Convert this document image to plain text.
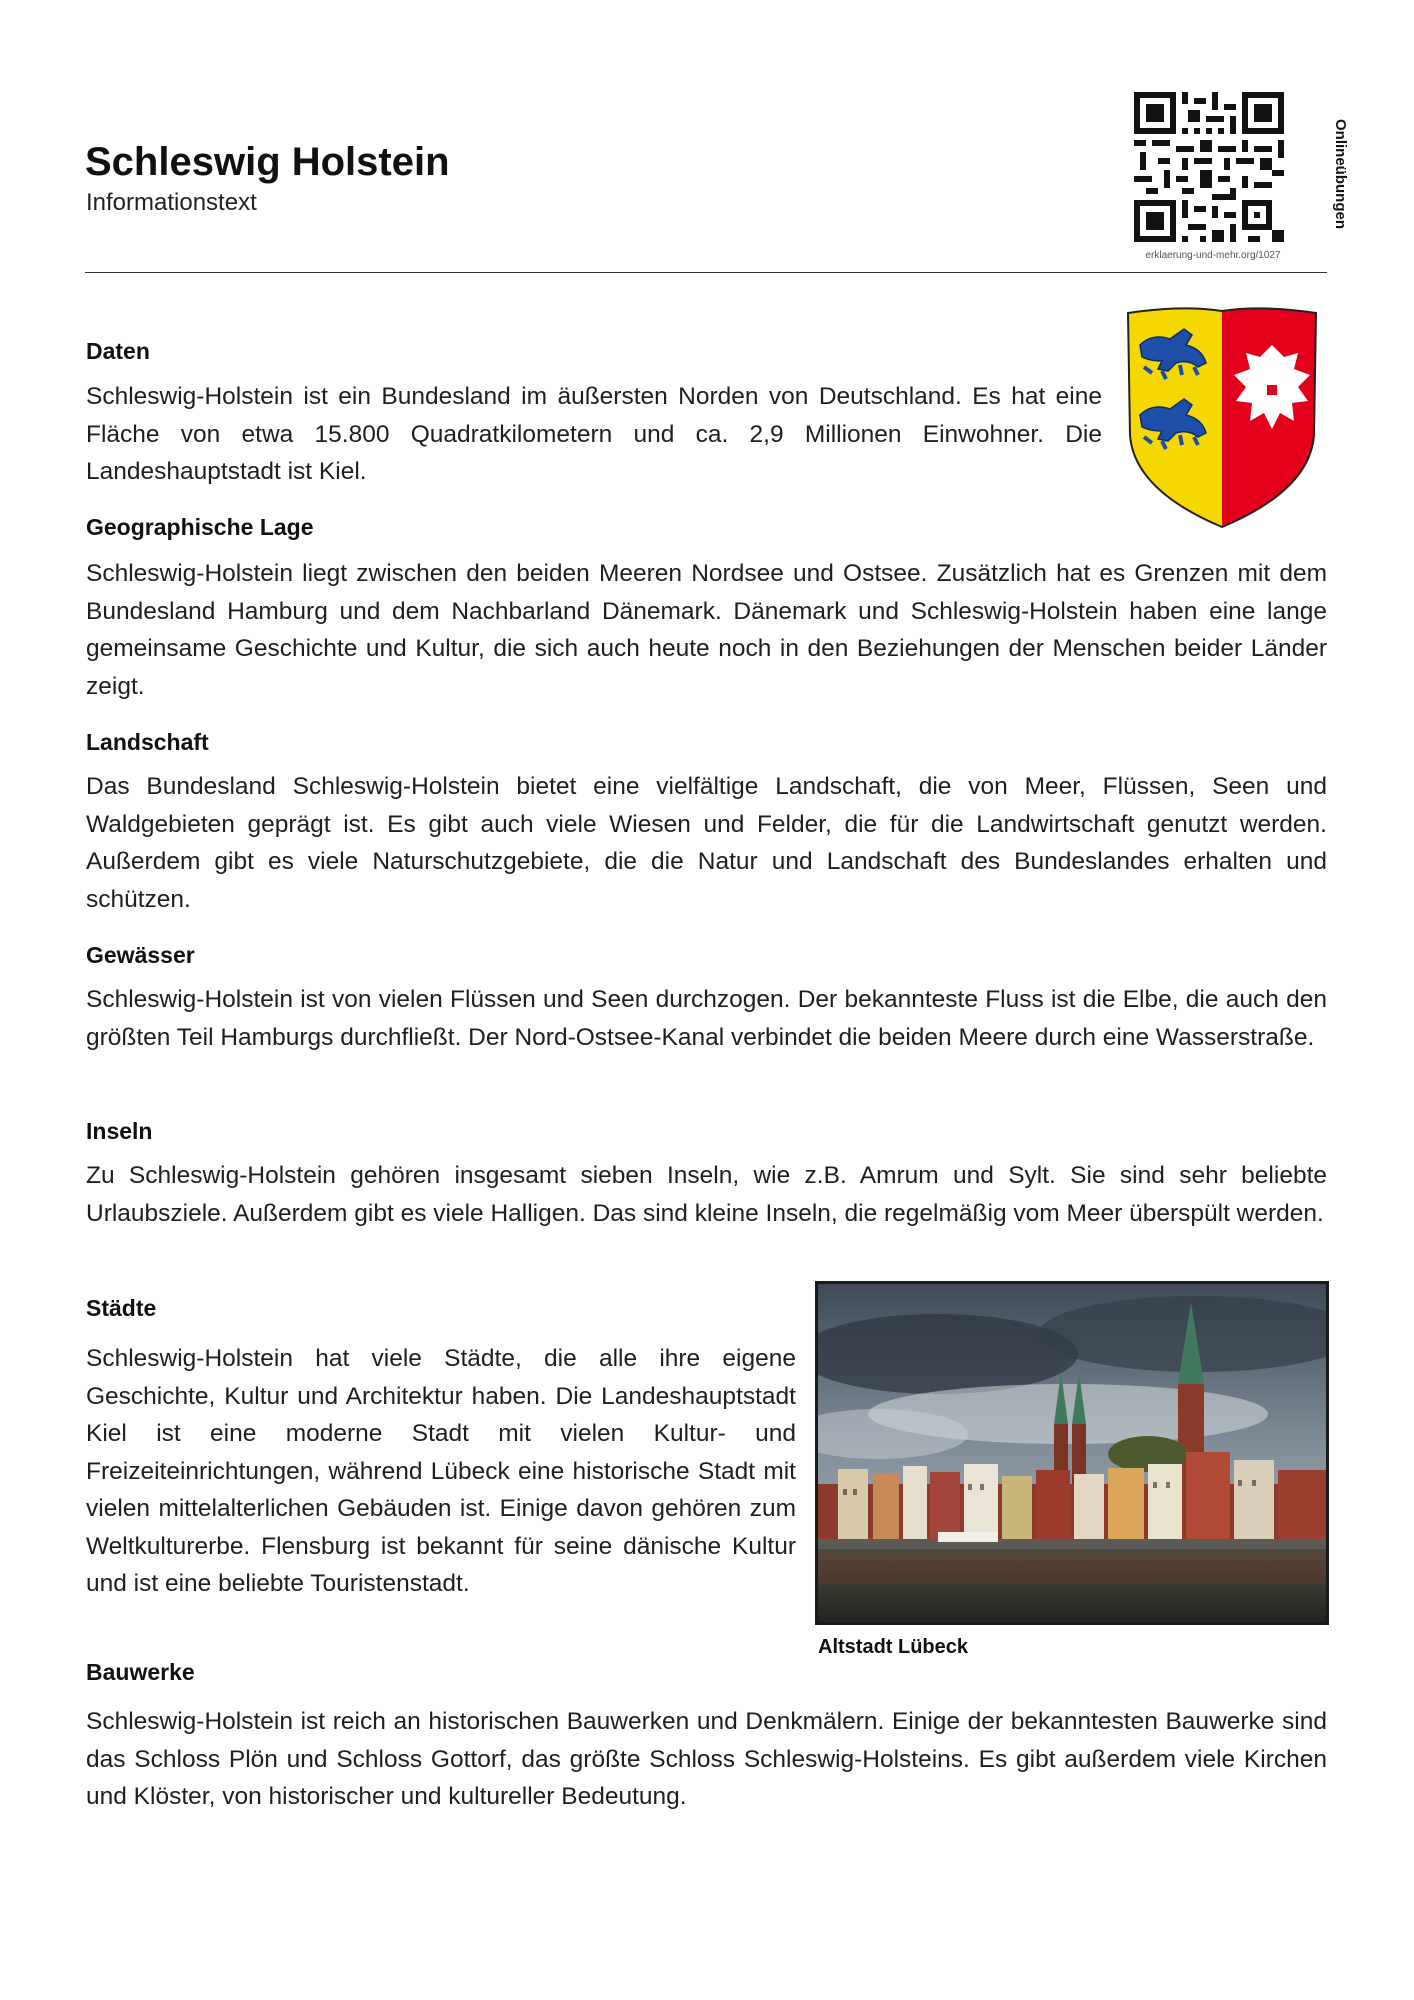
Schleswig Holstein

Informationstext	Onlineübungen
erklaerung-und-mehr.org/1027
Daten

Schleswig-Holstein ist ein Bundesland im äußersten Norden von Deutschland. Es hat eine Fläche von etwa 15.800 Quadratkilometern und ca. 2,9 Millionen Einwohner. Die Landeshauptstadt ist Kiel.

Geographische Lage

Schleswig-Holstein liegt zwischen den beiden Meeren Nordsee und Ostsee. Zusätzlich hat es Grenzen mit dem Bundesland Hamburg und dem Nachbarland Dänemark. Dänemark und Schleswig-Holstein haben eine lange gemeinsame Geschichte und Kultur, die sich auch heute noch in den Beziehungen der Menschen beider Länder zeigt.

Landschaft

Das Bundesland Schleswig-Holstein bietet eine vielfältige Landschaft, die von Meer, Flüssen, Seen und Waldgebieten geprägt ist. Es gibt auch viele Wiesen und Felder, die für die Landwirtschaft genutzt werden. Außerdem gibt es viele Naturschutzgebiete, die die Natur und Landschaft des Bundeslandes erhalten und schützen.

Gewässer

Schleswig-Holstein ist von vielen Flüssen und Seen durchzogen. Der bekannteste Fluss ist die Elbe, die auch den größten Teil Hamburgs durchfließt. Der Nord-Ostsee-Kanal verbindet die beiden Meere durch eine Wasserstraße.

Inseln

Zu Schleswig-Holstein gehören insgesamt sieben Inseln, wie z.B. Amrum und Sylt. Sie sind sehr beliebte Urlaubsziele. Außerdem gibt es viele Halligen. Das sind kleine Inseln, die regelmäßig vom Meer überspült werden.

Städte

Schleswig-Holstein hat viele Städte, die alle ihre eigene Geschichte, Kultur und Architektur haben. Die Landeshauptstadt Kiel ist eine moderne Stadt mit vielen Kultur- und Freizeiteinrichtungen, während Lübeck eine historische Stadt mit vielen mittelalterlichen Gebäuden ist. Einige davon gehören zum Weltkulturerbe. Flensburg ist bekannt für seine dänische Kultur und ist eine beliebte Touristenstadt.

Altstadt Lübeck

Bauwerke

Schleswig-Holstein ist reich an historischen Bauwerken und Denkmälern. Einige der bekanntesten Bauwerke sind das Schloss Plön und Schloss Gottorf, das größte Schloss Schleswig-Holsteins. Es gibt außerdem viele Kirchen und Klöster, von historischer und kultureller Bedeutung.
